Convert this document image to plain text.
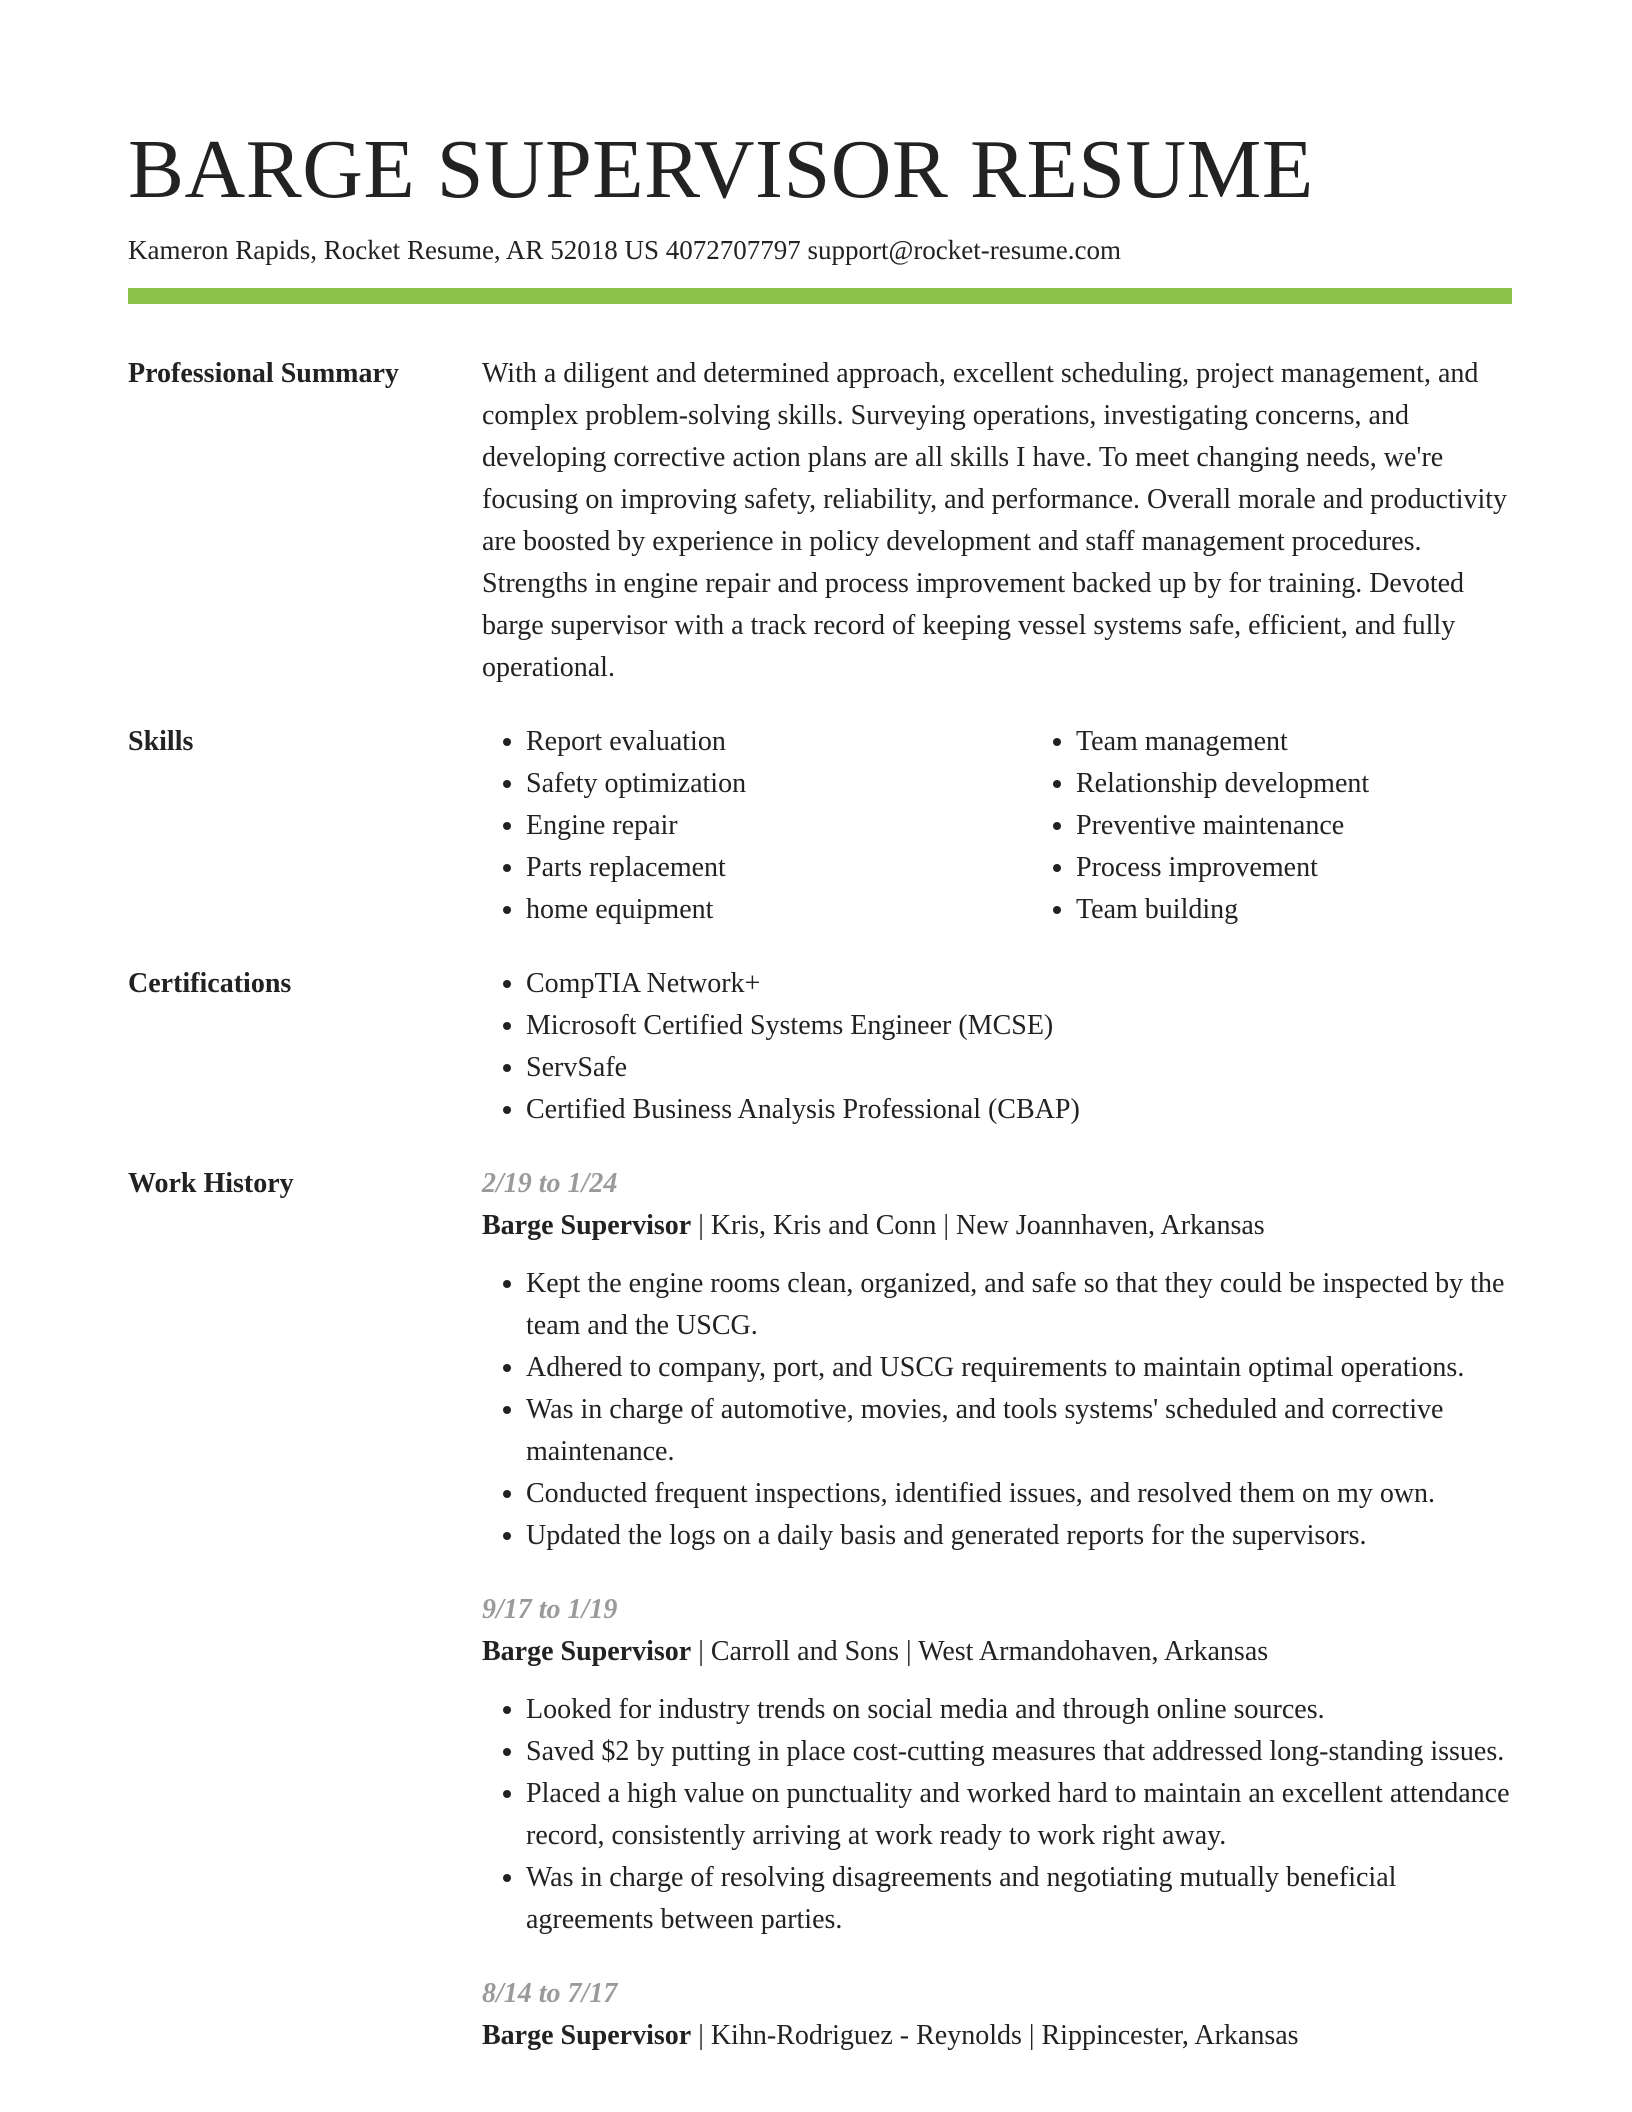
BARGE SUPERVISOR RESUME
Kameron Rapids, Rocket Resume, AR 52018 US 4072707797 support@rocket-resume.com
Professional Summary	With a diligent and determined approach, excellent scheduling, project management, and complex problem-solving skills. Surveying operations, investigating concerns, and developing corrective action plans are all skills I have. To meet changing needs, we're focusing on improving safety, reliability, and performance. Overall morale and productivity are boosted by experience in policy development and staff management procedures. Strengths in engine repair and process improvement backed up by for training. Devoted barge supervisor with a track record of keeping vessel systems safe, efficient, and fully operational.

Skills	• Report evaluation
• Safety optimization
• Engine repair
• Parts replacement
• home equipment
• Team management
• Relationship development
• Preventive maintenance
• Process improvement
• Team building
Certifications	• CompTIA Network+
• Microsoft Certified Systems Engineer (MCSE)
• ServSafe
• Certified Business Analysis Professional (CBAP)
Work History	2/19 to 1/24

Barge Supervisor | Kris, Kris and Conn | New Joannhaven, Arkansas

• Kept the engine rooms clean, organized, and safe so that they could be inspected by the team and the USCG.
• Adhered to company, port, and USCG requirements to maintain optimal operations.
• Was in charge of automotive, movies, and tools systems' scheduled and corrective maintenance.
• Conducted frequent inspections, identified issues, and resolved them on my own.
• Updated the logs on a daily basis and generated reports for the supervisors.
9/17 to 1/19

Barge Supervisor | Carroll and Sons | West Armandohaven, Arkansas

• Looked for industry trends on social media and through online sources.
• Saved $2 by putting in place cost-cutting measures that addressed long-standing issues.
• Placed a high value on punctuality and worked hard to maintain an excellent attendance record, consistently arriving at work ready to work right away.
• Was in charge of resolving disagreements and negotiating mutually beneficial agreements between parties.
8/14 to 7/17

Barge Supervisor | Kihn-Rodriguez - Reynolds | Rippincester, Arkansas
